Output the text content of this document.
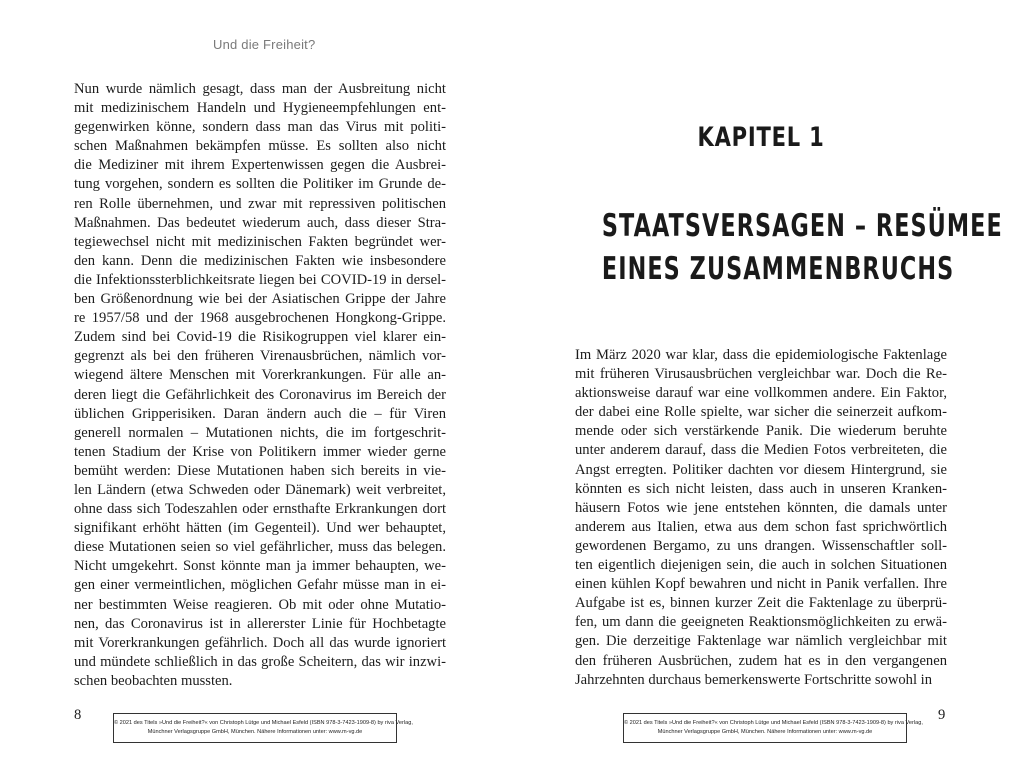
Und die Freiheit?
Nun wurde nämlich gesagt, dass man der Ausbreitung nicht
mit medizinischem Handeln und Hygieneempfehlungen ent-
gegenwirken könne, sondern dass man das Virus mit politi-
schen Maßnahmen bekämpfen müsse. Es sollten also nicht
die Mediziner mit ihrem Expertenwissen gegen die Ausbrei-
tung vorgehen, sondern es sollten die Politiker im Grunde de-
ren Rolle übernehmen, und zwar mit repressiven politischen
Maßnahmen. Das bedeutet wiederum auch, dass dieser Stra-
tegiewechsel nicht mit medizinischen Fakten begründet wer-
den kann. Denn die medizinischen Fakten wie insbesondere
die Infektionssterblichkeitsrate liegen bei COVID-19 in dersel-
ben Größenordnung wie bei der Asiatischen Grippe der Jahre
re 1957/58 und der 1968 ausgebrochenen Hongkong-Grippe.
Zudem sind bei Covid-19 die Risikogruppen viel klarer ein-
gegrenzt als bei den früheren Virenausbrüchen, nämlich vor-
wiegend ältere Menschen mit Vorerkrankungen. Für alle an-
deren liegt die Gefährlichkeit des Coronavirus im Bereich der
üblichen Gripperisiken. Daran ändern auch die – für Viren
generell normalen – Mutationen nichts, die im fortgeschrit-
tenen Stadium der Krise von Politikern immer wieder gerne
bemüht werden: Diese Mutationen haben sich bereits in vie-
len Ländern (etwa Schweden oder Dänemark) weit verbreitet,
ohne dass sich Todeszahlen oder ernsthafte Erkrankungen dort
signifikant erhöht hätten (im Gegenteil). Und wer behauptet,
diese Mutationen seien so viel gefährlicher, muss das belegen.
Nicht umgekehrt. Sonst könnte man ja immer behaupten, we-
gen einer vermeintlichen, möglichen Gefahr müsse man in ei-
ner bestimmten Weise reagieren. Ob mit oder ohne Mutatio-
nen, das Coronavirus ist in allererster Linie für Hochbetagte
mit Vorerkrankungen gefährlich. Doch all das wurde ignoriert
und mündete schließlich in das große Scheitern, das wir inzwi-
schen beobachten mussten.
8	© 2021 des Titels »Und die Freiheit?« von Christoph Lütge und Michael Esfeld (ISBN 978-3-7423-1909-8) by riva Verlag,
Münchner Verlagsgruppe GmbH, München. Nähere Informationen unter: www.m-vg.de
KAPITEL 1
STAATSVERSAGEN – RESÜMEE
EINES ZUSAMMENBRUCHS
Im März 2020 war klar, dass die epidemiologische Faktenlage
mit früheren Virusausbrüchen vergleichbar war. Doch die Re-
aktionsweise darauf war eine vollkommen andere. Ein Faktor,
der dabei eine Rolle spielte, war sicher die seinerzeit aufkom-
mende oder sich verstärkende Panik. Die wiederum beruhte
unter anderem darauf, dass die Medien Fotos verbreiteten, die
Angst erregten. Politiker dachten vor diesem Hintergrund, sie
könnten es sich nicht leisten, dass auch in unseren Kranken-
häusern Fotos wie jene entstehen könnten, die damals unter
anderem aus Italien, etwa aus dem schon fast sprichwörtlich
gewordenen Bergamo, zu uns drangen. Wissenschaftler soll-
ten eigentlich diejenigen sein, die auch in solchen Situationen
einen kühlen Kopf bewahren und nicht in Panik verfallen. Ihre
Aufgabe ist es, binnen kurzer Zeit die Faktenlage zu überprü-
fen, um dann die geeigneten Reaktionsmöglichkeiten zu erwä-
gen. Die derzeitige Faktenlage war nämlich vergleichbar mit
den früheren Ausbrüchen, zudem hat es in den vergangenen
Jahrzehnten durchaus bemerkenswerte Fortschritte sowohl in
9
© 2021 des Titels »Und die Freiheit?« von Christoph Lütge und Michael Esfeld (ISBN 978-3-7423-1909-8) by riva Verlag,
Münchner Verlagsgruppe GmbH, München. Nähere Informationen unter: www.m-vg.de
